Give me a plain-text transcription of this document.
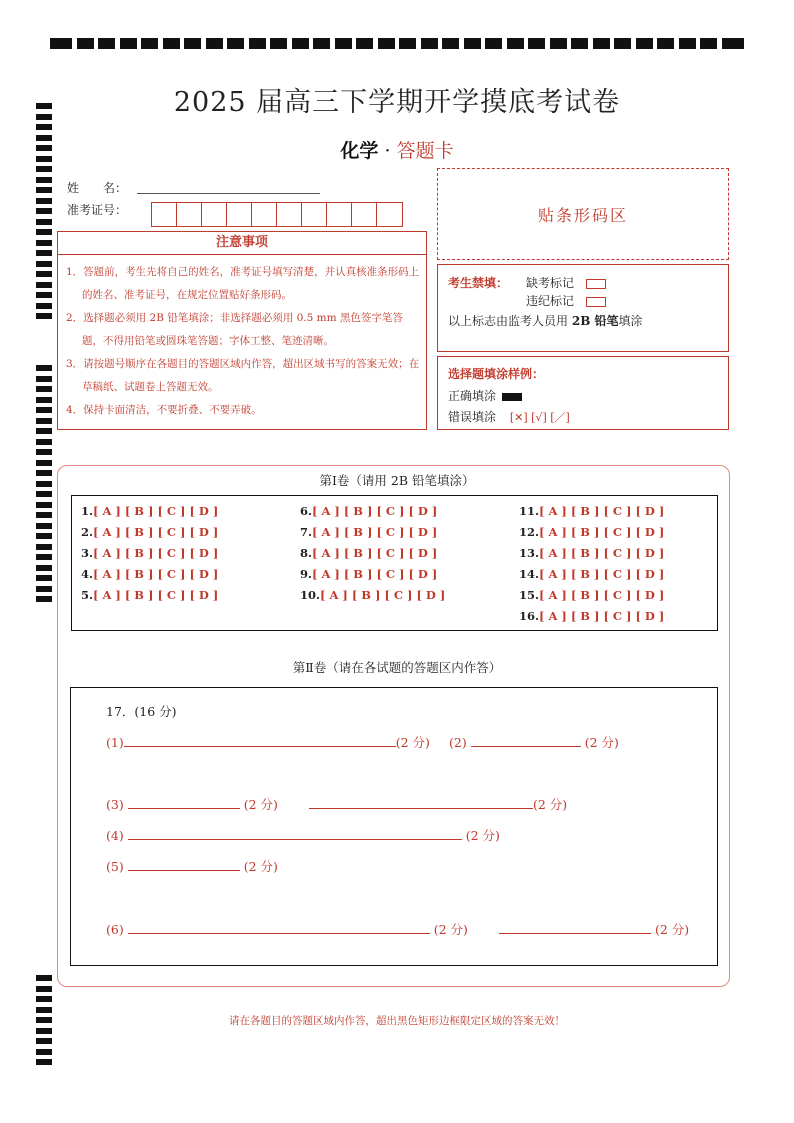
2025 届高三下学期开学摸底考试卷
化学 · 答题卡
姓　　名：
准考证号：	贴条形码区
注意事项
1．答题前，考生先将自己的姓名，准考证号填写清楚，并认真核准条形码上的姓名、准考证号，在规定位置贴好条形码。
2．选择题必须用 2B 铅笔填涂；非选择题必须用 0.5 mm 黑色签字笔答题，不得用铅笔或圆珠笔答题；字体工整、笔迹清晰。
3．请按题号顺序在各题目的答题区域内作答，超出区域书写的答案无效；在草稿纸、试题卷上答题无效。
4．保持卡面清洁，不要折叠、不要弄破。
考生禁填： 缺考标记
违纪标记
以上标志由监考人员用 2B 铅笔填涂
选择题填涂样例：
正确填涂
错误填涂 [✕] [√] [／]
第Ⅰ卷（请用 2B 铅笔填涂）
1.[ A ] [ B ] [ C ] [ D ]
2.[ A ] [ B ] [ C ] [ D ]
3.[ A ] [ B ] [ C ] [ D ]
4.[ A ] [ B ] [ C ] [ D ]
5.[ A ] [ B ] [ C ] [ D ]
6.[ A ] [ B ] [ C ] [ D ]
7.[ A ] [ B ] [ C ] [ D ]
8.[ A ] [ B ] [ C ] [ D ]
9.[ A ] [ B ] [ C ] [ D ]
10.[ A ] [ B ] [ C ] [ D ]
11.[ A ] [ B ] [ C ] [ D ]
12.[ A ] [ B ] [ C ] [ D ]
13.[ A ] [ B ] [ C ] [ D ]
14.[ A ] [ B ] [ C ] [ D ]
15.[ A ] [ B ] [ C ] [ D ]
16.[ A ] [ B ] [ C ] [ D ]
第Ⅱ卷（请在各试题的答题区内作答）
17．(16 分)
(1)	(2 分) (2)	(2 分)
(3)	(2 分)	(2 分)
(4)	(2 分)
(5)	(2 分)
(6)	(2 分)	(2 分)
请在各题目的答题区域内作答，超出黑色矩形边框限定区域的答案无效！
